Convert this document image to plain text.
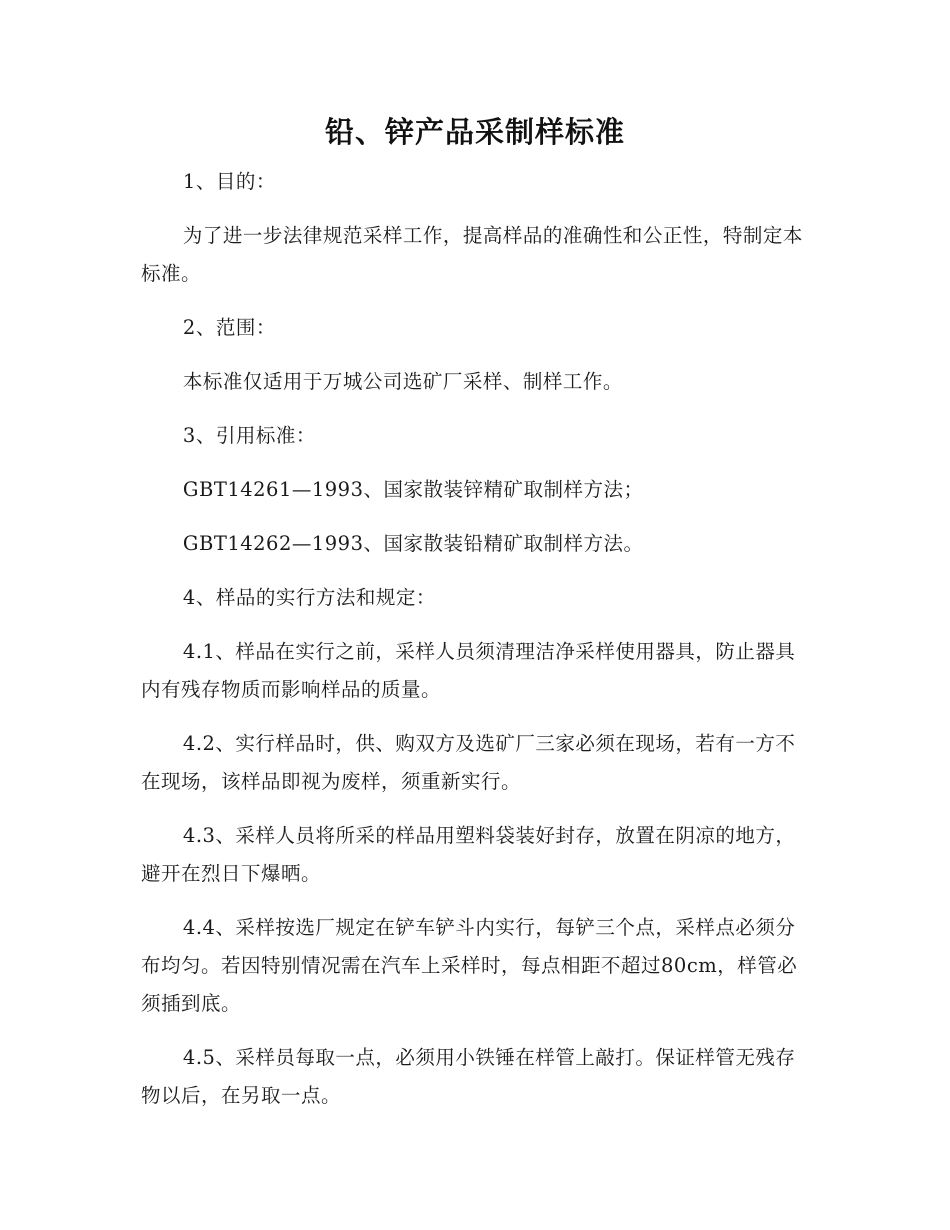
铅、锌产品采制样标准

1、目的：

为了进一步法律规范采样工作，提高样品的准确性和公正性，特制定本标准。

2、范围：

本标准仅适用于万城公司选矿厂采样、制样工作。

3、引用标准：

GBT14261—1993、国家散装锌精矿取制样方法；

GBT14262—1993、国家散装铅精矿取制样方法。

4、样品的实行方法和规定：

4.1、样品在实行之前，采样人员须清理洁净采样使用器具，防止器具内有残存物质而影响样品的质量。

4.2、实行样品时，供、购双方及选矿厂三家必须在现场，若有一方不在现场，该样品即视为废样，须重新实行。

4.3、采样人员将所采的样品用塑料袋装好封存，放置在阴凉的地方，避开在烈日下爆晒。

4.4、采样按选厂规定在铲车铲斗内实行，每铲三个点，采样点必须分布均匀。若因特别情况需在汽车上采样时，每点相距不超过80cm，样管必须插到底。

4.5、采样员每取一点，必须用小铁锤在样管上敲打。保证样管无残存物以后，在另取一点。
